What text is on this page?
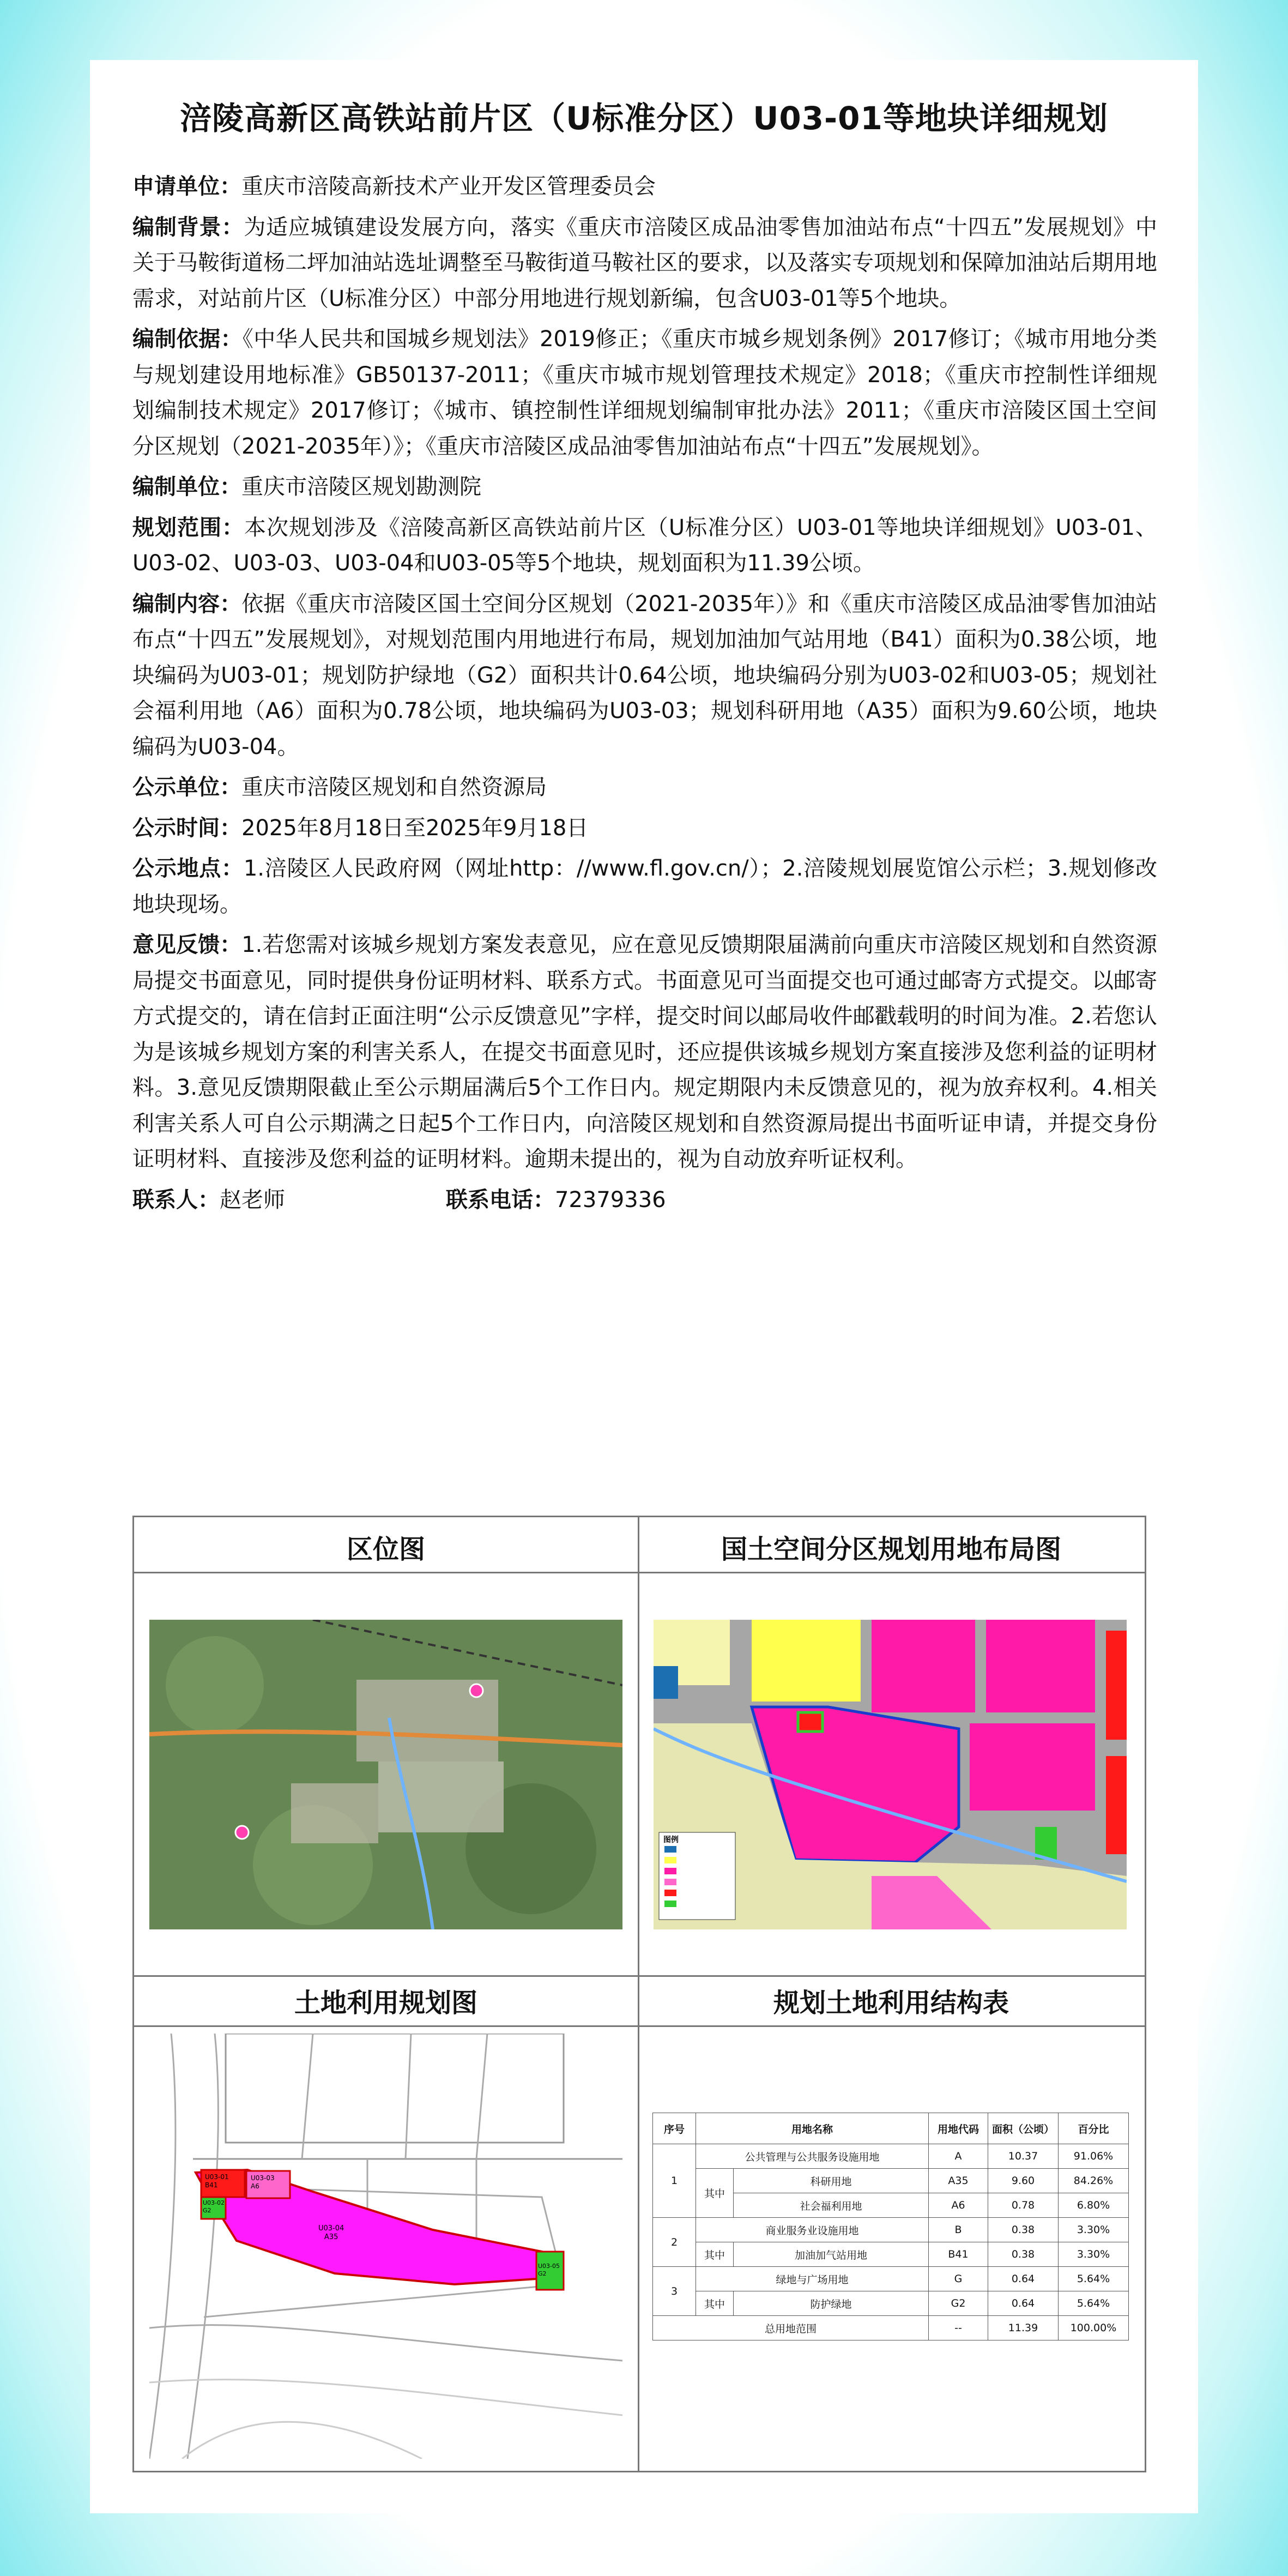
涪陵高新区高铁站前片区（U标准分区）U03-01等地块详细规划

申请单位：重庆市涪陵高新技术产业开发区管理委员会

编制背景：为适应城镇建设发展方向，落实《重庆市涪陵区成品油零售加油站布点“十四五”发展规划》中关于马鞍街道杨二坪加油站选址调整至马鞍街道马鞍社区的要求，以及落实专项规划和保障加油站后期用地需求，对站前片区（U标准分区）中部分用地进行规划新编，包含U03-01等5个地块。

编制依据：《中华人民共和国城乡规划法》2019修正；《重庆市城乡规划条例》2017修订；《城市用地分类与规划建设用地标准》GB50137-2011；《重庆市城市规划管理技术规定》2018；《重庆市控制性详细规划编制技术规定》2017修订；《城市、镇控制性详细规划编制审批办法》2011；《重庆市涪陵区国土空间分区规划（2021-2035年）》；《重庆市涪陵区成品油零售加油站布点“十四五”发展规划》。

编制单位：重庆市涪陵区规划勘测院

规划范围：本次规划涉及《涪陵高新区高铁站前片区（U标准分区）U03-01等地块详细规划》U03-01、U03-02、U03-03、U03-04和U03-05等5个地块，规划面积为11.39公顷。

编制内容：依据《重庆市涪陵区国土空间分区规划（2021-2035年）》和《重庆市涪陵区成品油零售加油站布点“十四五”发展规划》，对规划范围内用地进行布局，规划加油加气站用地（B41）面积为0.38公顷，地块编码为U03-01；规划防护绿地（G2）面积共计0.64公顷，地块编码分别为U03-02和U03-05；规划社会福利用地（A6）面积为0.78公顷，地块编码为U03-03；规划科研用地（A35）面积为9.60公顷，地块编码为U03-04。

公示单位：重庆市涪陵区规划和自然资源局

公示时间：2025年8月18日至2025年9月18日

公示地点：1.涪陵区人民政府网（网址http：//www.fl.gov.cn/）；2.涪陵规划展览馆公示栏；3.规划修改地块现场。

意见反馈：1.若您需对该城乡规划方案发表意见，应在意见反馈期限届满前向重庆市涪陵区规划和自然资源局提交书面意见，同时提供身份证明材料、联系方式。书面意见可当面提交也可通过邮寄方式提交。以邮寄方式提交的，请在信封正面注明“公示反馈意见”字样，提交时间以邮局收件邮戳载明的时间为准。2.若您认为是该城乡规划方案的利害关系人，在提交书面意见时，还应提供该城乡规划方案直接涉及您利益的证明材料。3.意见反馈期限截止至公示期届满后5个工作日内。规定期限内未反馈意见的，视为放弃权利。4.相关利害关系人可自公示期满之日起5个工作日内，向涪陵区规划和自然资源局提出书面听证申请，并提交身份证明材料、直接涉及您利益的证明材料。逾期未提出的，视为自动放弃听证权利。

联系人：赵老师	联系电话：72379336
区位图	国土空间分区规划用地布局图
土地利用规划图	规划土地利用结构表
图例
U03-01
B41
U03-03
A6
U03-02
G2
U03-04
A35
U03-05
G2
序号	用地名称		用地代码	面积（公顷）	百分比
1	公共管理与公共服务设施用地		A	10.37	91.06%
	其中	科研用地	A35	9.60	84.26%
		社会福利用地	A6	0.78	6.80%
2	商业服务业设施用地		B	0.38	3.30%
	其中	加油加气站用地	B41	0.38	3.30%
3	绿地与广场用地		G	0.64	5.64%
	其中	防护绿地	G2	0.64	5.64%
总用地范围			--	11.39	100.00%
